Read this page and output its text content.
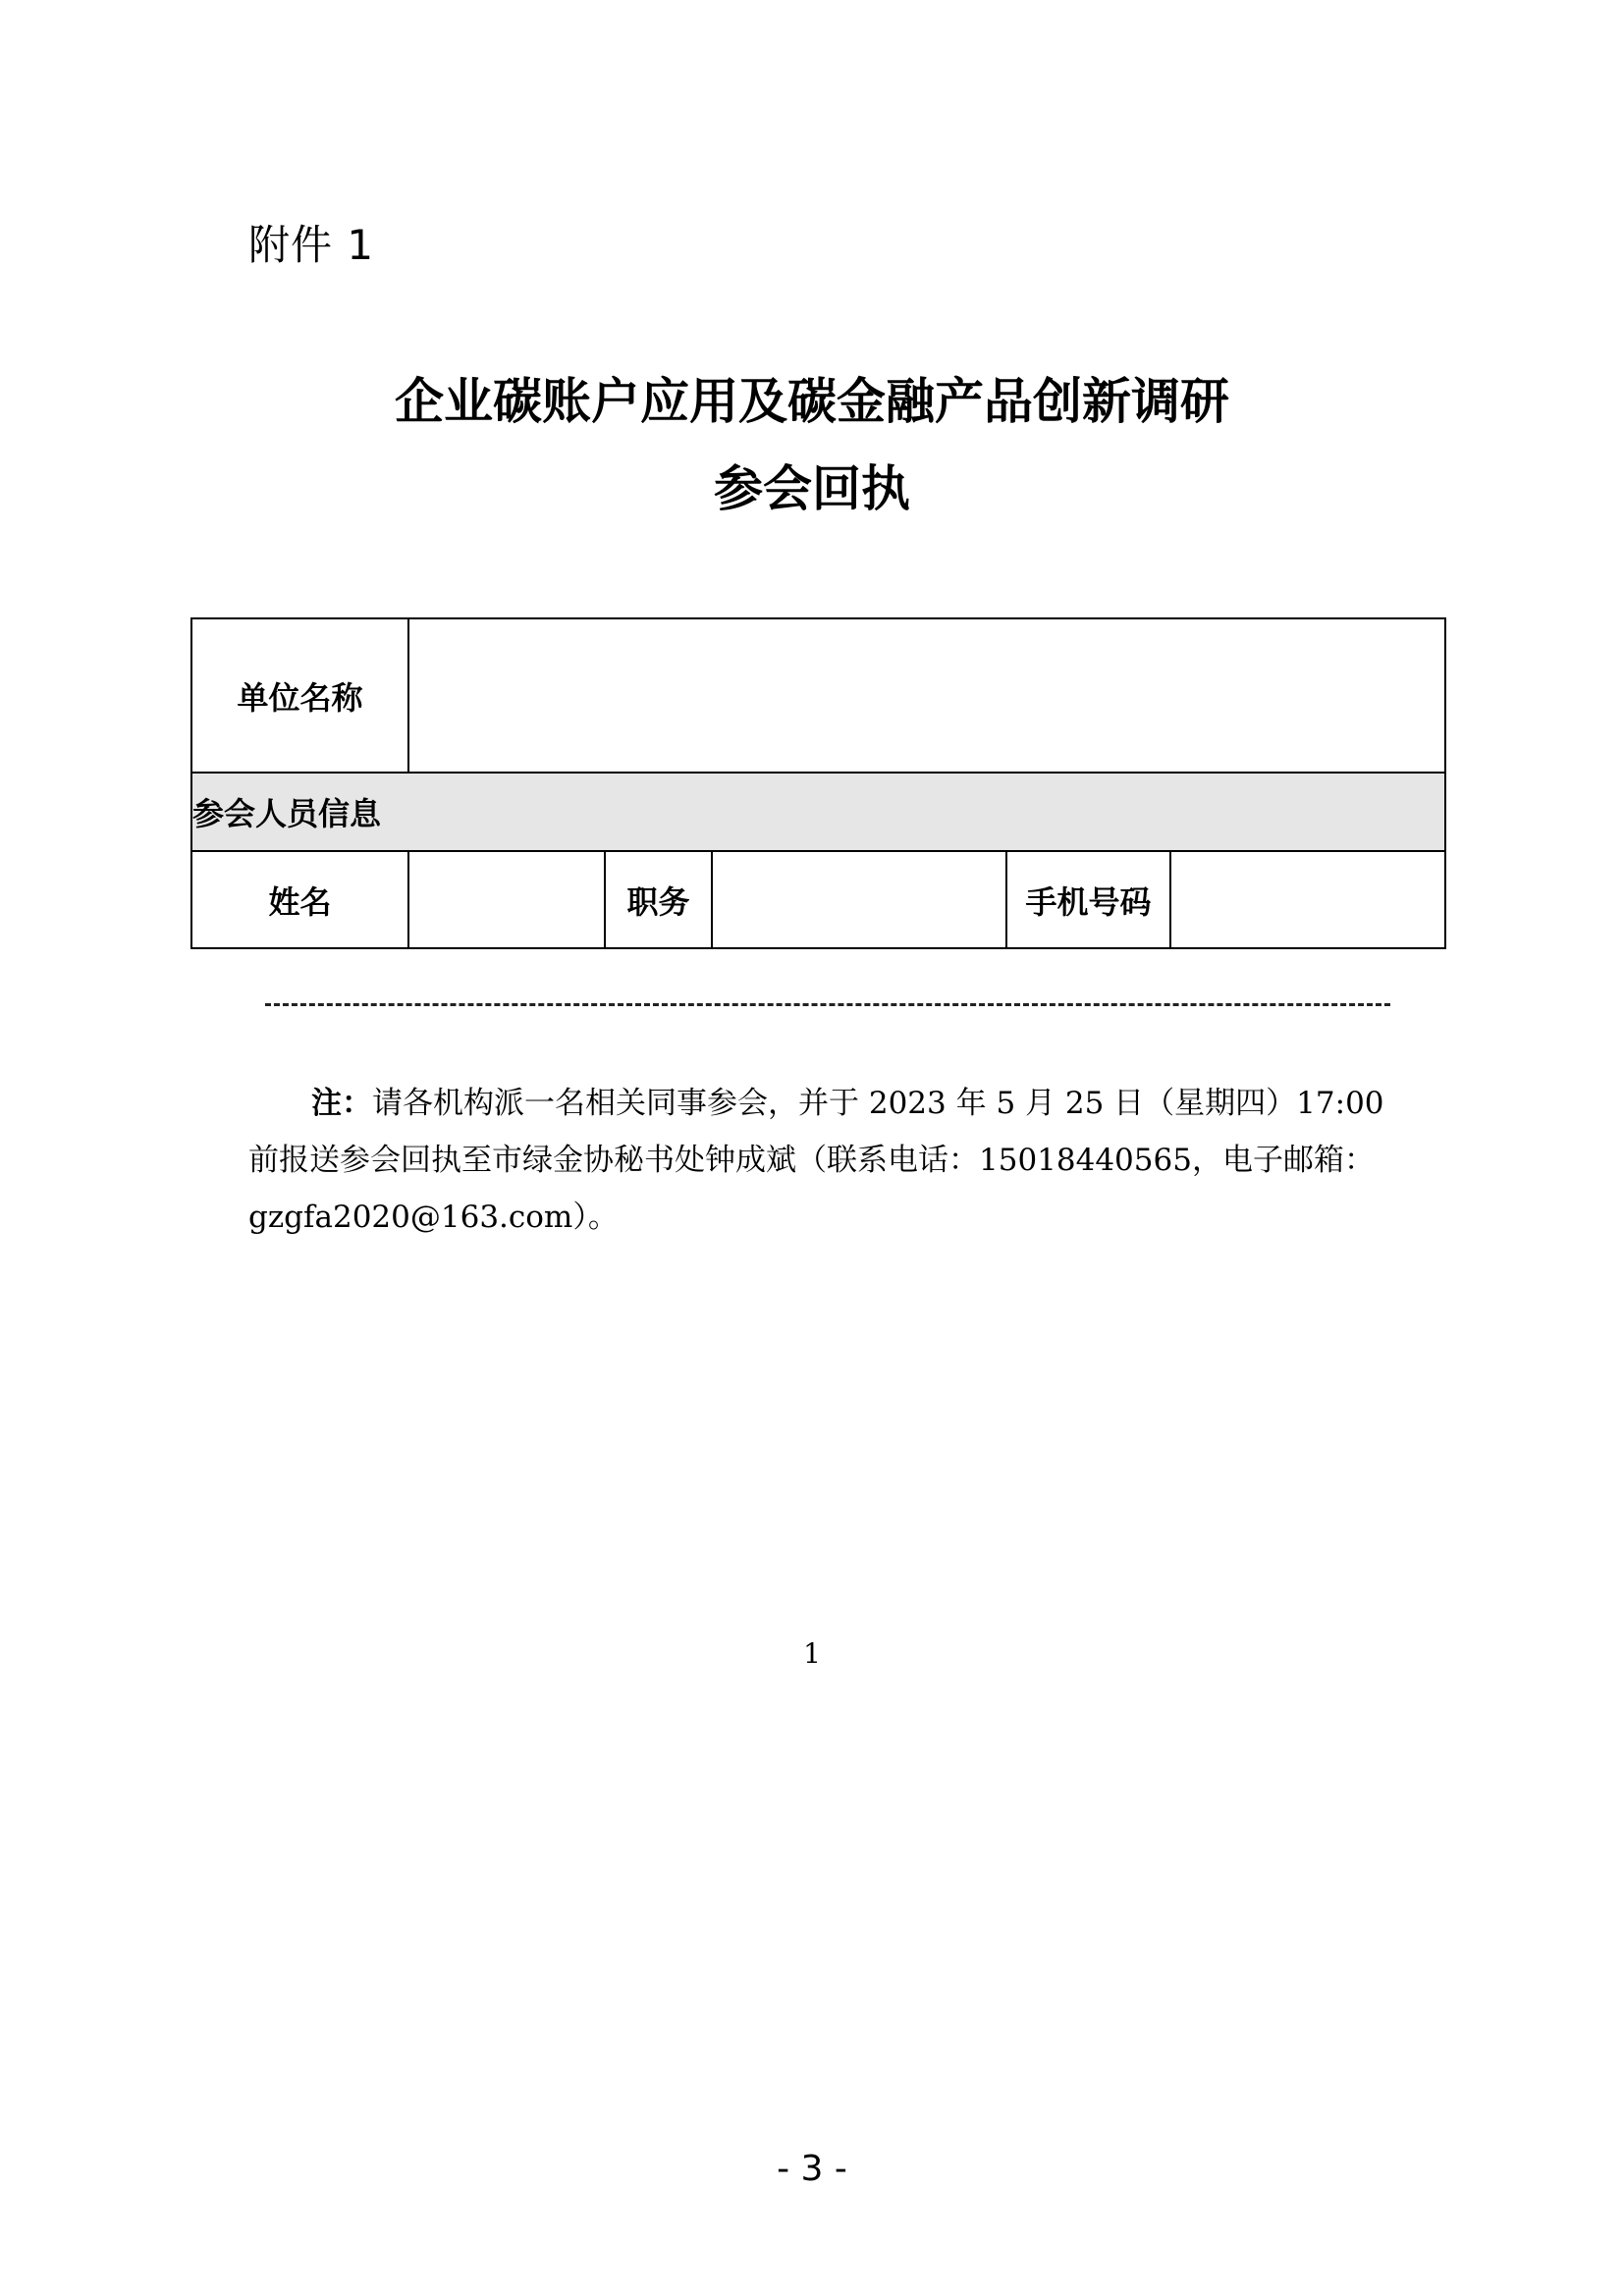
附件 1
企业碳账户应用及碳金融产品创新调研
参会回执
单位名称					
参会人员信息					
姓名		职务		手机号码	
注：请各机构派一名相关同事参会，并于 2023 年 5 月 25 日（星期四）17:00 前报送参会回执至市绿金协秘书处钟成斌（联系电话：15018440565，电子邮箱：gzgfa2020@163.com）。
1
- 3 -
